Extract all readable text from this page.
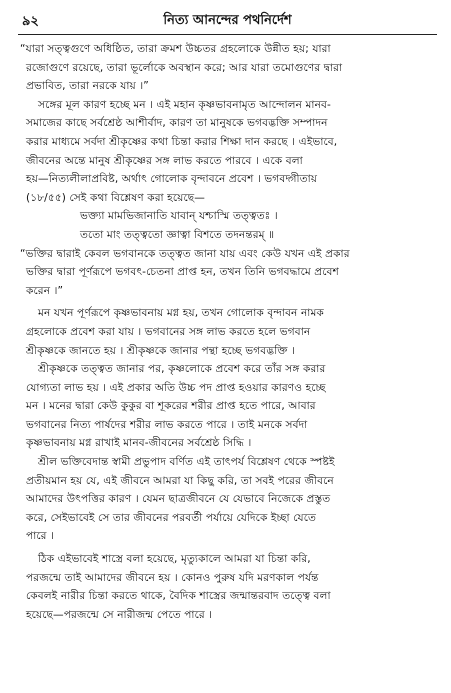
৯২	নিত্য আনন্দের পথনির্দেশ
“যারা সত্ত্বগুণে অধিষ্ঠিত, তারা ক্রমশ উচ্চতর গ্রহলোকে উন্নীত হয়; যারা
রজোগুণে রয়েছে, তারা ভূর্লোকে অবস্থান করে; আর যারা তমোগুণের দ্বারা
প্রভাবিত, তারা নরকে যায় ।”
সঙ্গের মূল কারণ হচ্ছে মন । এই মহান কৃষ্ণভাবনামৃত আন্দোলন মানব-
সমাজের কাছে সর্বশ্রেষ্ঠ আশীর্বাদ, কারণ তা মানুষকে ভগবদ্ভক্তি সম্পাদন
করার মাধ্যমে সর্বদা শ্রীকৃষ্ণের কথা চিন্তা করার শিক্ষা দান করছে । এইভাবে,
জীবনের অন্তে মানুষ শ্রীকৃষ্ণের সঙ্গ লাভ করতে পারবে । একে বলা
হয়—নিত্যলীলাপ্রবিষ্ট, অর্থাৎ গোলোক বৃন্দাবনে প্রবেশ । ভগবদ্গীতায়
(১৮/৫৫) সেই কথা বিশ্লেষণ করা হয়েছে—
ভক্ত্যা মামভিজানাতি যাবান্ যশ্চাস্মি তত্ত্বতঃ ।
ততো মাং তত্ত্বতো জ্ঞাত্বা বিশতে তদনন্তরম্ ॥
“ভক্তির দ্বারাই কেবল ভগবানকে তত্ত্বত জানা যায় এবং কেউ যখন এই প্রকার
ভক্তির দ্বারা পূর্ণরূপে ভগবৎ-চেতনা প্রাপ্ত হন, তখন তিনি ভগবদ্ধামে প্রবেশ
করেন ।”
মন যখন পূর্ণরূপে কৃষ্ণভাবনায় মগ্ন হয়, তখন গোলোক বৃন্দাবন নামক
গ্রহলোকে প্রবেশ করা যায় । ভগবানের সঙ্গ লাভ করতে হলে ভগবান
শ্রীকৃষ্ণকে জানতে হয় । শ্রীকৃষ্ণকে জানার পন্থা হচ্ছে ভগবদ্ভক্তি ।
শ্রীকৃষ্ণকে তত্ত্বত জানার পর, কৃষ্ণলোকে প্রবেশ করে তাঁর সঙ্গ করার
যোগ্যতা লাভ হয় । এই প্রকার অতি উচ্চ পদ প্রাপ্ত হওয়ার কারণও হচ্ছে
মন । মনের দ্বারা কেউ কুকুর বা শূকরের শরীর প্রাপ্ত হতে পারে, আবার
ভগবানের নিত্য পার্ষদের শরীর লাভ করতে পারে । তাই মনকে সর্বদা
কৃষ্ণভাবনায় মগ্ন রাখাই মানব-জীবনের সর্বশ্রেষ্ঠ সিদ্ধি ।
শ্রীল ভক্তিবেদান্ত স্বামী প্রভুপাদ বর্ণিত এই তাৎপর্য বিশ্লেষণ থেকে স্পষ্টই
প্রতীয়মান হয় যে, এই জীবনে আমরা যা কিছু করি, তা সবই পরের জীবনে
আমাদের উৎপত্তির কারণ । যেমন ছাত্রজীবনে যে যেভাবে নিজেকে প্রস্তুত
করে, সেইভাবেই সে তার জীবনের পরবর্তী পর্যায়ে যেদিকে ইচ্ছা যেতে
পারে ।
ঠিক এইভাবেই শাস্ত্রে বলা হয়েছে, মৃত্যুকালে আমরা যা চিন্তা করি,
পরজন্মে তাই আমাদের জীবনে হয় । কোনও পুরুষ যদি মরণকাল পর্যন্ত
কেবলই নারীর চিন্তা করতে থাকে, বৈদিক শাস্ত্রের জন্মান্তরবাদ তত্ত্বে বলা
হয়েছে—পরজন্মে সে নারীজন্ম পেতে পারে ।
